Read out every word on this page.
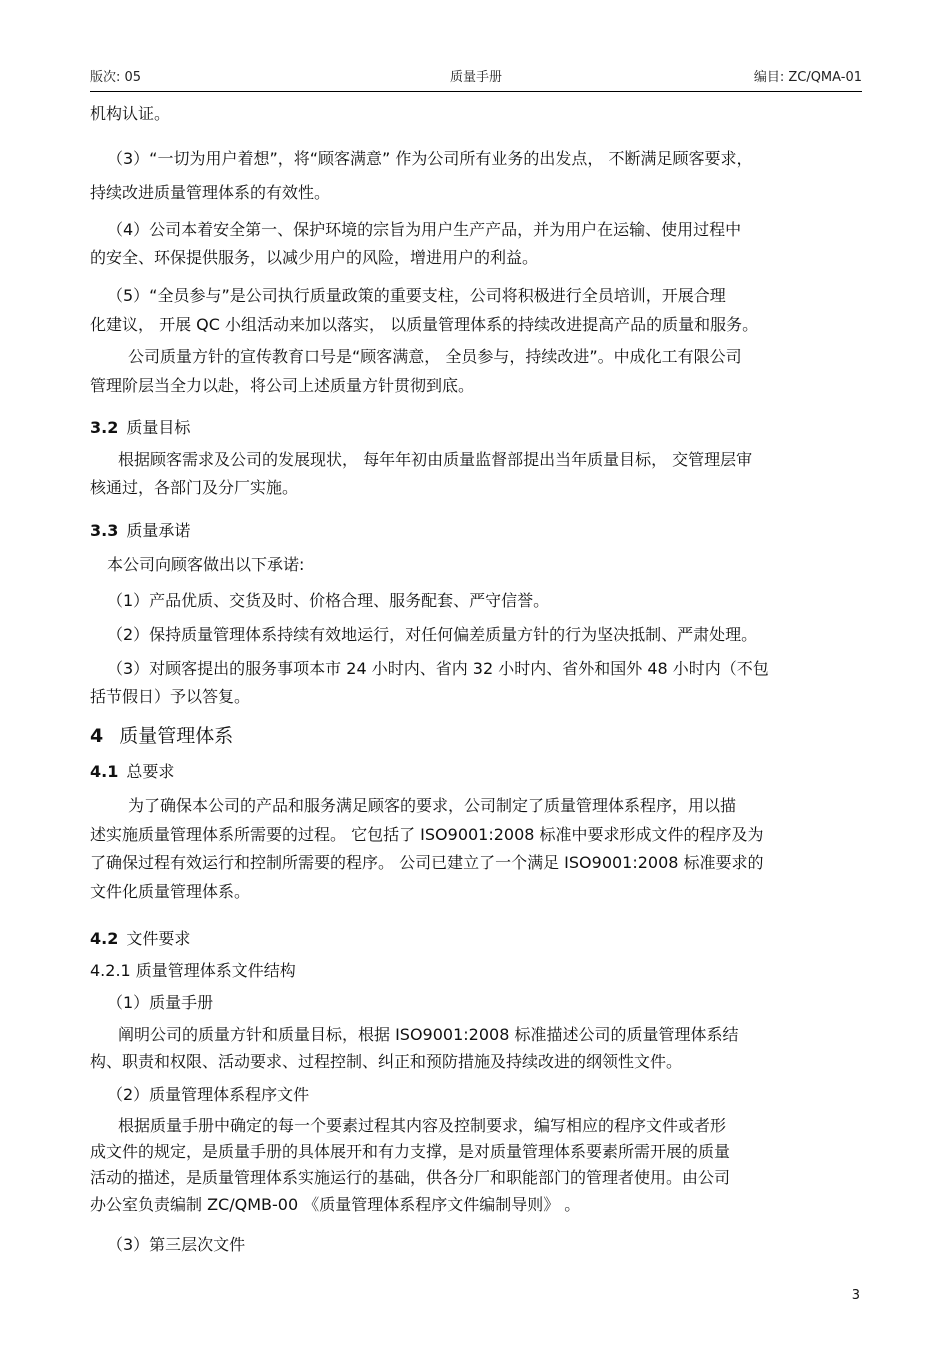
版次: 05	质量手册	编目: ZC/QMA-01
机构认证。
（3）“一切为用户着想”，将“顾客满意” 作为公司所有业务的出发点， 不断满足顾客要求，
持续改进质量管理体系的有效性。
（4）公司本着安全第一、保护环境的宗旨为用户生产产品，并为用户在运输、使用过程中
的安全、环保提供服务，以减少用户的风险，增进用户的利益。
（5）“全员参与”是公司执行质量政策的重要支柱，公司将积极进行全员培训，开展合理
化建议， 开展 QC 小组活动来加以落实， 以质量管理体系的持续改进提高产品的质量和服务。
公司质量方针的宣传教育口号是“顾客满意， 全员参与，持续改进”。中成化工有限公司
管理阶层当全力以赴，将公司上述质量方针贯彻到底。
3.2 质量目标
根据顾客需求及公司的发展现状， 每年年初由质量监督部提出当年质量目标， 交管理层审
核通过，各部门及分厂实施。
3.3 质量承诺
本公司向顾客做出以下承诺:
（1）产品优质、交货及时、价格合理、服务配套、严守信誉。
（2）保持质量管理体系持续有效地运行，对任何偏差质量方针的行为坚决抵制、严肃处理。
（3）对顾客提出的服务事项本市 24 小时内、省内 32 小时内、省外和国外 48 小时内（不包
括节假日）予以答复。
4 质量管理体系
4.1 总要求
为了确保本公司的产品和服务满足顾客的要求，公司制定了质量管理体系程序，用以描
述实施质量管理体系所需要的过程。 它包括了 ISO9001:2008 标准中要求形成文件的程序及为
了确保过程有效运行和控制所需要的程序。 公司已建立了一个满足 ISO9001:2008 标准要求的
文件化质量管理体系。
4.2 文件要求
4.2.1 质量管理体系文件结构
（1）质量手册
阐明公司的质量方针和质量目标，根据 ISO9001:2008 标准描述公司的质量管理体系结
构、职责和权限、活动要求、过程控制、纠正和预防措施及持续改进的纲领性文件。
（2）质量管理体系程序文件
根据质量手册中确定的每一个要素过程其内容及控制要求，编写相应的程序文件或者形
成文件的规定，是质量手册的具体展开和有力支撑，是对质量管理体系要素所需开展的质量
活动的描述，是质量管理体系实施运行的基础，供各分厂和职能部门的管理者使用。由公司
办公室负责编制 ZC/QMB-00 《质量管理体系程序文件编制导则》 。
（3）第三层次文件
3
